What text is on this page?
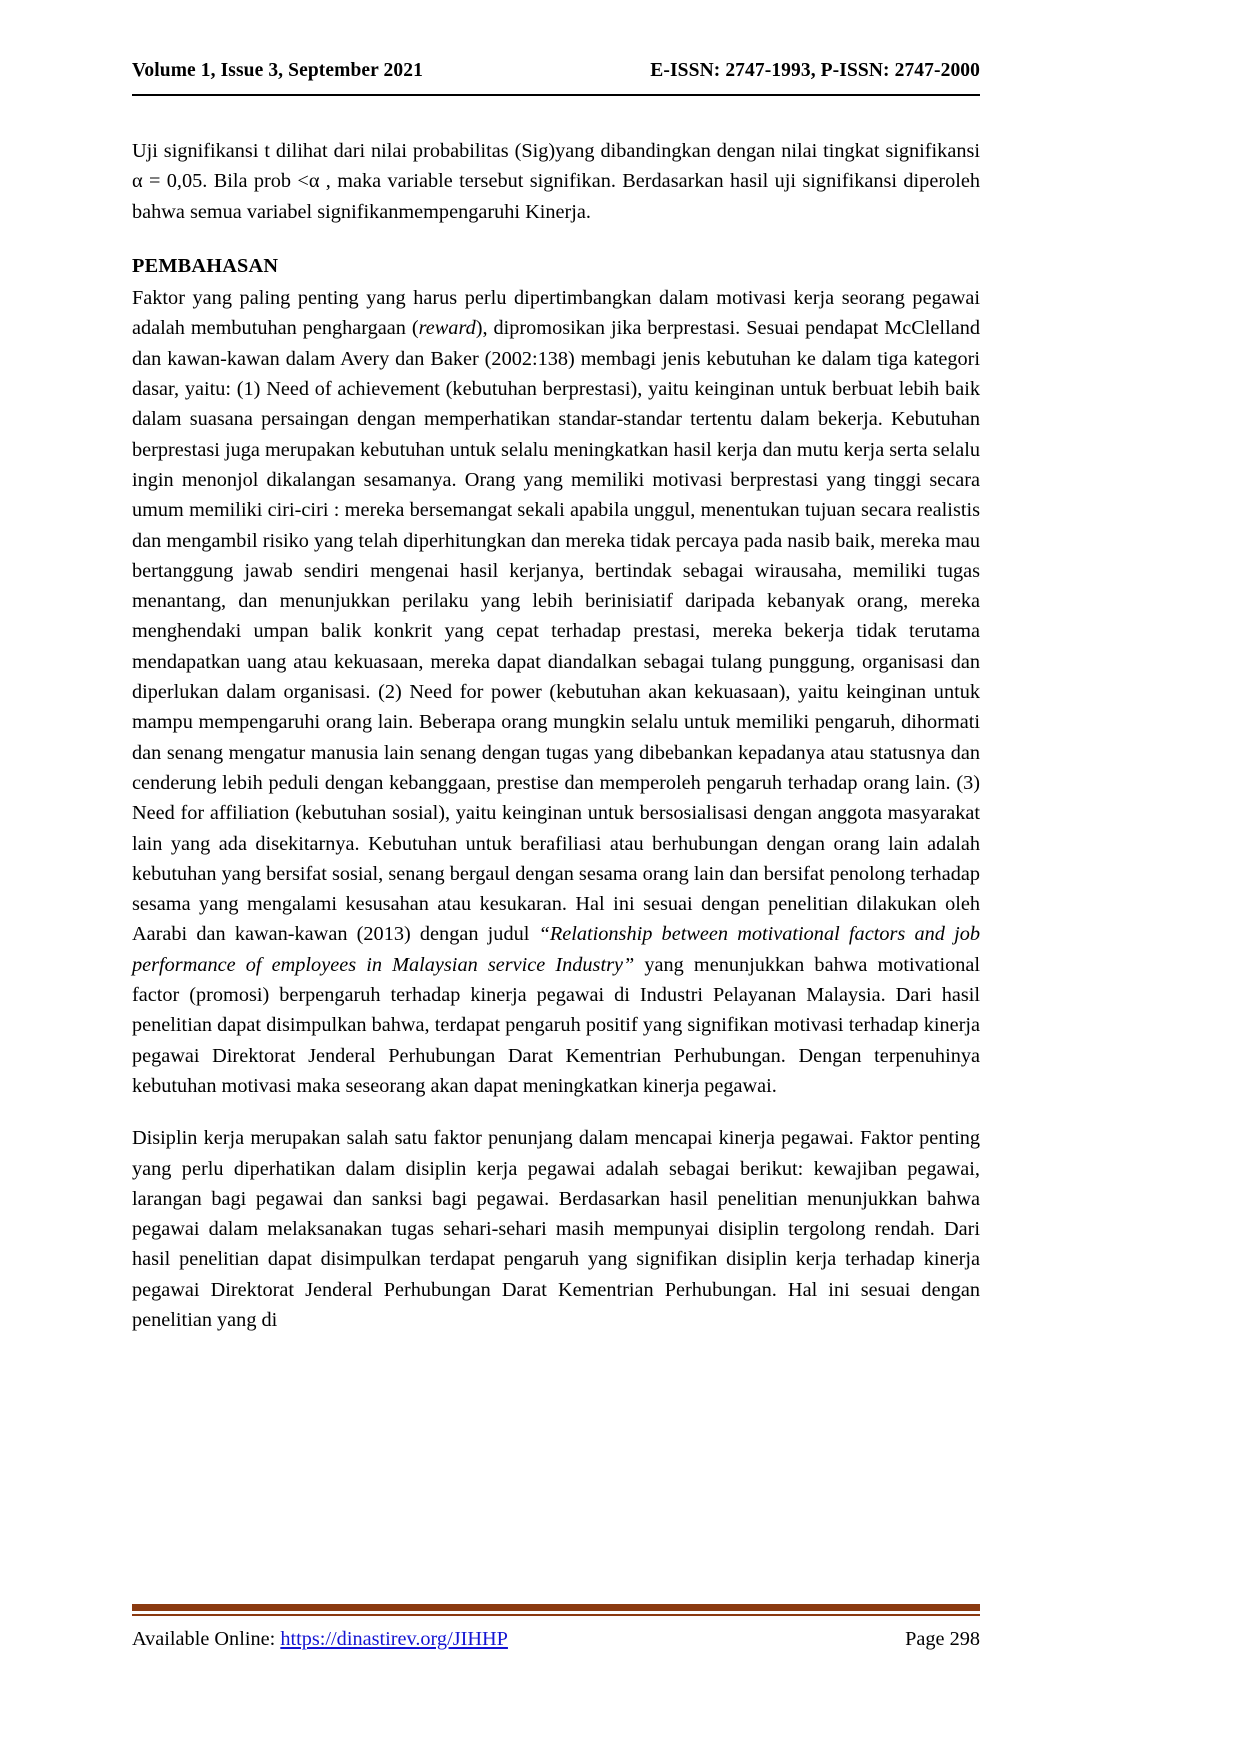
Volume 1, Issue 3, September 2021	E-ISSN: 2747-1993, P-ISSN: 2747-2000

Uji signifikansi t dilihat dari nilai probabilitas (Sig)yang dibandingkan dengan nilai tingkat signifikansi α = 0,05. Bila prob <α , maka variable tersebut signifikan. Berdasarkan hasil uji signifikansi diperoleh bahwa semua variabel signifikanmempengaruhi Kinerja.

PEMBAHASAN

Faktor yang paling penting yang harus perlu dipertimbangkan dalam motivasi kerja seorang pegawai adalah membutuhan penghargaan (reward), dipromosikan jika berprestasi. Sesuai pendapat McClelland dan kawan-kawan dalam Avery dan Baker (2002:138) membagi jenis kebutuhan ke dalam tiga kategori dasar, yaitu: (1) Need of achievement (kebutuhan berprestasi), yaitu keinginan untuk berbuat lebih baik dalam suasana persaingan dengan memperhatikan standar-standar tertentu dalam bekerja. Kebutuhan berprestasi juga merupakan kebutuhan untuk selalu meningkatkan hasil kerja dan mutu kerja serta selalu ingin menonjol dikalangan sesamanya. Orang yang memiliki motivasi berprestasi yang tinggi secara umum memiliki ciri-ciri : mereka bersemangat sekali apabila unggul, menentukan tujuan secara realistis dan mengambil risiko yang telah diperhitungkan dan mereka tidak percaya pada nasib baik, mereka mau bertanggung jawab sendiri mengenai hasil kerjanya, bertindak sebagai wirausaha, memiliki tugas menantang, dan menunjukkan perilaku yang lebih berinisiatif daripada kebanyak orang, mereka menghendaki umpan balik konkrit yang cepat terhadap prestasi, mereka bekerja tidak terutama mendapatkan uang atau kekuasaan, mereka dapat diandalkan sebagai tulang punggung, organisasi dan diperlukan dalam organisasi. (2) Need for power (kebutuhan akan kekuasaan), yaitu keinginan untuk mampu mempengaruhi orang lain. Beberapa orang mungkin selalu untuk memiliki pengaruh, dihormati dan senang mengatur manusia lain senang dengan tugas yang dibebankan kepadanya atau statusnya dan cenderung lebih peduli dengan kebanggaan, prestise dan memperoleh pengaruh terhadap orang lain. (3) Need for affiliation (kebutuhan sosial), yaitu keinginan untuk bersosialisasi dengan anggota masyarakat lain yang ada disekitarnya. Kebutuhan untuk berafiliasi atau berhubungan dengan orang lain adalah kebutuhan yang bersifat sosial, senang bergaul dengan sesama orang lain dan bersifat penolong terhadap sesama yang mengalami kesusahan atau kesukaran. Hal ini sesuai dengan penelitian dilakukan oleh Aarabi dan kawan-kawan (2013) dengan judul “Relationship between motivational factors and job performance of employees in Malaysian service Industry” yang menunjukkan bahwa motivational factor (promosi) berpengaruh terhadap kinerja pegawai di Industri Pelayanan Malaysia. Dari hasil penelitian dapat disimpulkan bahwa, terdapat pengaruh positif yang signifikan motivasi terhadap kinerja pegawai Direktorat Jenderal Perhubungan Darat Kementrian Perhubungan. Dengan terpenuhinya kebutuhan motivasi maka seseorang akan dapat meningkatkan kinerja pegawai.

Disiplin kerja merupakan salah satu faktor penunjang dalam mencapai kinerja pegawai. Faktor penting yang perlu diperhatikan dalam disiplin kerja pegawai adalah sebagai berikut: kewajiban pegawai, larangan bagi pegawai dan sanksi bagi pegawai. Berdasarkan hasil penelitian menunjukkan bahwa pegawai dalam melaksanakan tugas sehari-sehari masih mempunyai disiplin tergolong rendah. Dari hasil penelitian dapat disimpulkan terdapat pengaruh yang signifikan disiplin kerja terhadap kinerja pegawai Direktorat Jenderal Perhubungan Darat Kementrian Perhubungan. Hal ini sesuai dengan penelitian yang di

Available Online: https://dinastirev.org/JIHHP	Page 298
